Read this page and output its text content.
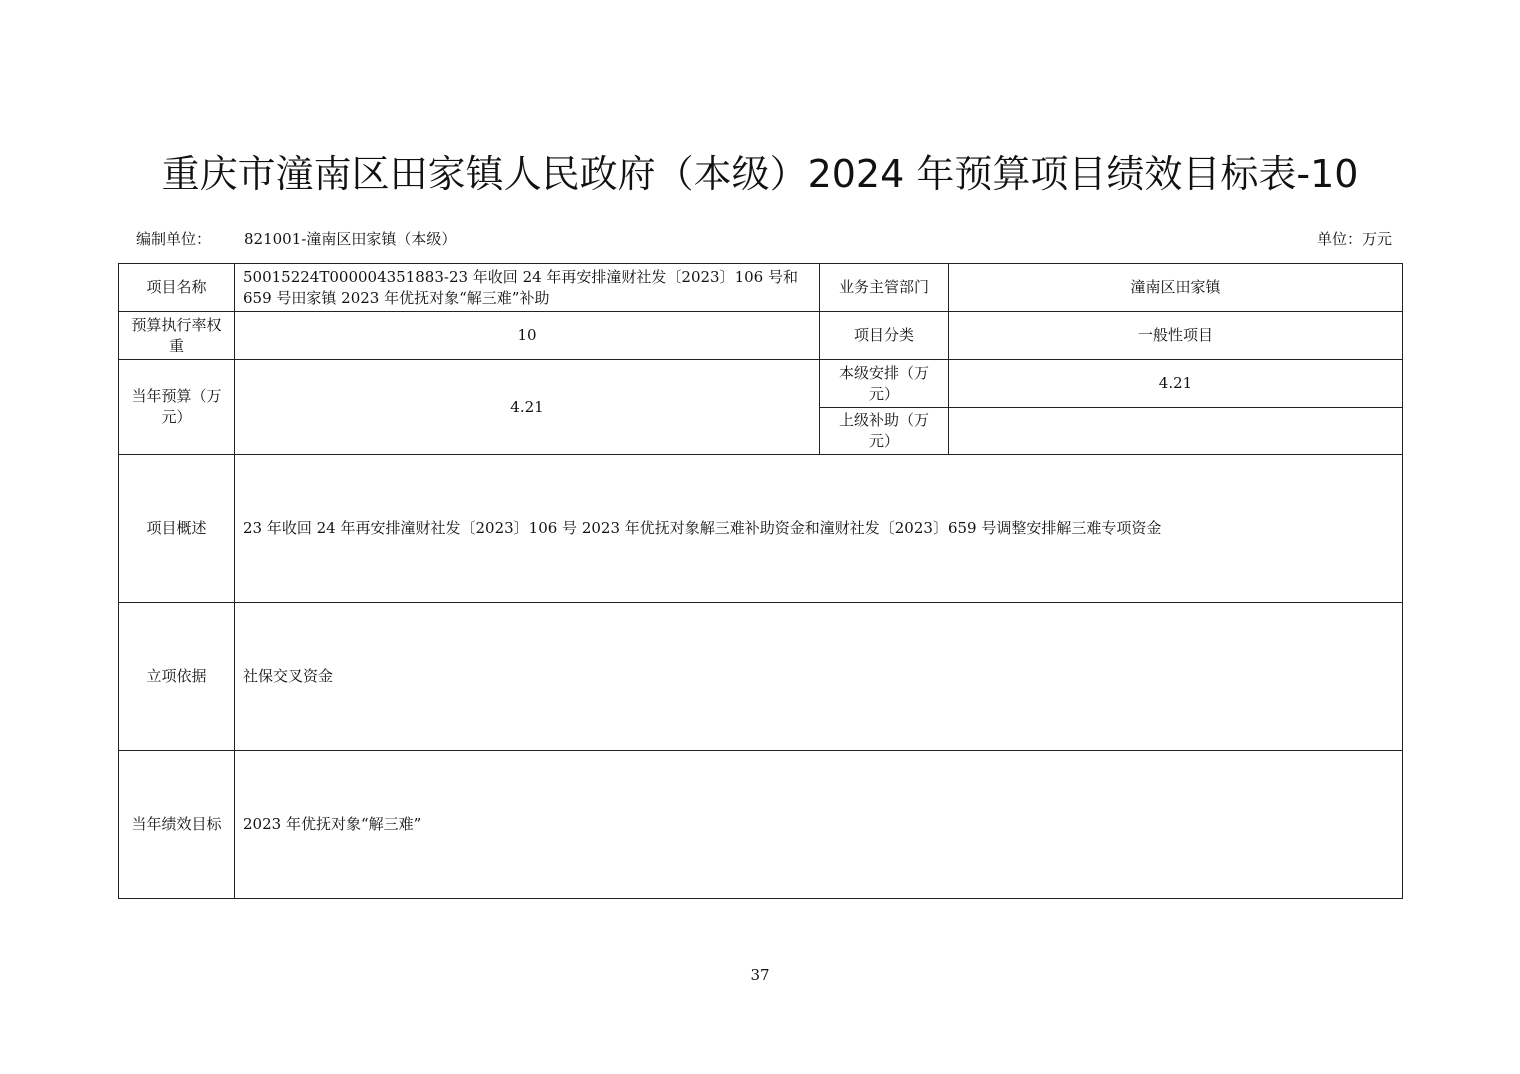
重庆市潼南区田家镇人民政府（本级）2024 年预算项目绩效目标表-10
编制单位： 821001-潼南区田家镇（本级）	单位：万元
项目名称	50015224T000004351883-23 年收回 24 年再安排潼财社发〔2023〕106 号和 659 号田家镇 2023 年优抚对象“解三难”补助	业务主管部门	潼南区田家镇
预算执行率权重	10	项目分类	一般性项目
当年预算（万元）	4.21	本级安排（万元）	4.21
		上级补助（万元）	
项目概述	23 年收回 24 年再安排潼财社发〔2023〕106 号 2023 年优抚对象解三难补助资金和潼财社发〔2023〕659 号调整安排解三难专项资金		
立项依据	社保交叉资金		
当年绩效目标	2023 年优抚对象“解三难”		
37
